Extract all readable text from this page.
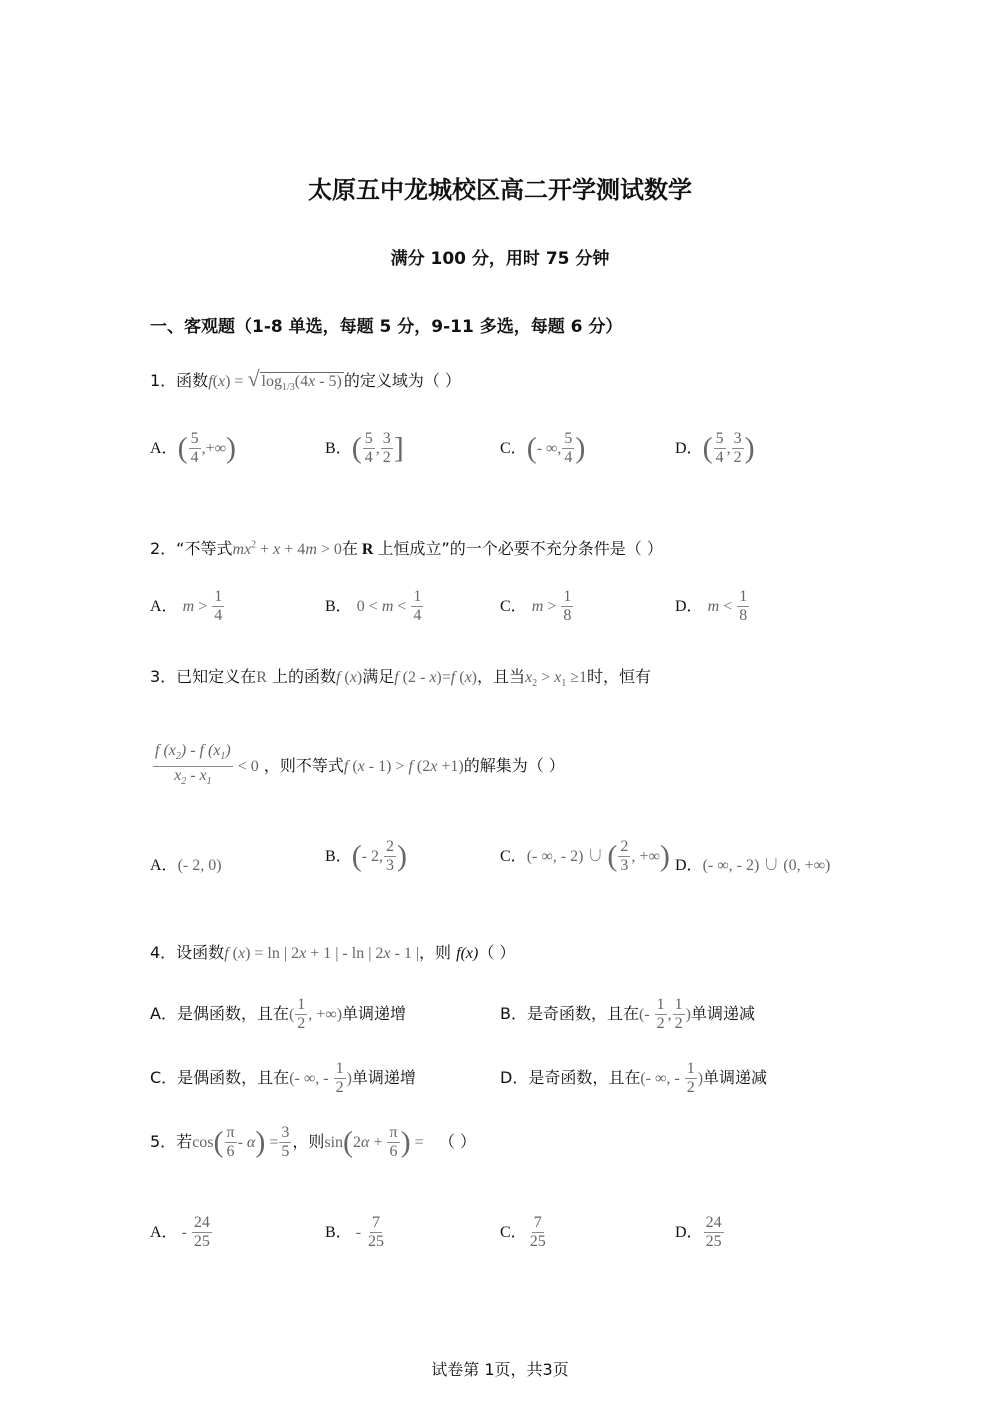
太原五中龙城校区高二开学测试数学
满分 100 分，用时 75 分钟
一、客观题（1-8 单选，每题 5 分，9-11 多选，每题 6 分）
1．函数f(x) = √ $\log_{1/3}(4x - 5)$ 的定义域为（ ）
A．( $\frac{5}{4}$ ,+∞)	B．( $\frac{5}{4}$ , $\frac{3}{2}$ ]	C．(- ∞, $\frac{5}{4}$ )	D．( $\frac{5}{4}$ , $\frac{3}{2}$ )
2．“不等式$mx^2 + x + 4m > 0$在 R 上恒成立”的一个必要不充分条件是（ ）
A． $m > \frac{1}{4}$	B． $0 < m < \frac{1}{4}$	C． $m > \frac{1}{8}$	D． $m < \frac{1}{8}$
3．已知定义在R 上的函数f (x)满足f (2 - x)=f (x)，且当$x_2 > x_1 \ge 1$时，恒有
$\frac{f (x_2) - f (x_1)}{x_2 - x_1} < 0$ ，则不等式f (x - 1) > f (2x +1)的解集为（ ）
A．(- 2, 0)
B．(- 2, $\frac{2}{3}$ )	C．(- ∞, - 2) ∪ ( $\frac{2}{3}$ , +∞) D．(- ∞, - 2) ∪ (0, +∞)
4．设函数f (x) = ln | 2x + 1 | - ln | 2x - 1 |，则 f(x)（ ）
A．是偶函数，且在( $\frac{1}{2}$ , +∞)单调递增	B．是奇函数，且在(- $\frac{1}{2}$ , $\frac{1}{2}$ )单调递减
C．是偶函数，且在(- ∞, - $\frac{1}{2}$ )单调递增	D．是奇函数，且在(- ∞, - $\frac{1}{2}$ )单调递减
5．若$\cos( \frac{\pi}{6} - \alpha) = \frac{3}{5}$ ，则$\sin(2\alpha + \frac{\pi}{6}$ ) = （ ）
A． - $\frac{24}{25}$	B． - $\frac{7}{25}$	C． $\frac{7}{25}$	D． $\frac{24}{25}$
试卷第 1页，共3页
